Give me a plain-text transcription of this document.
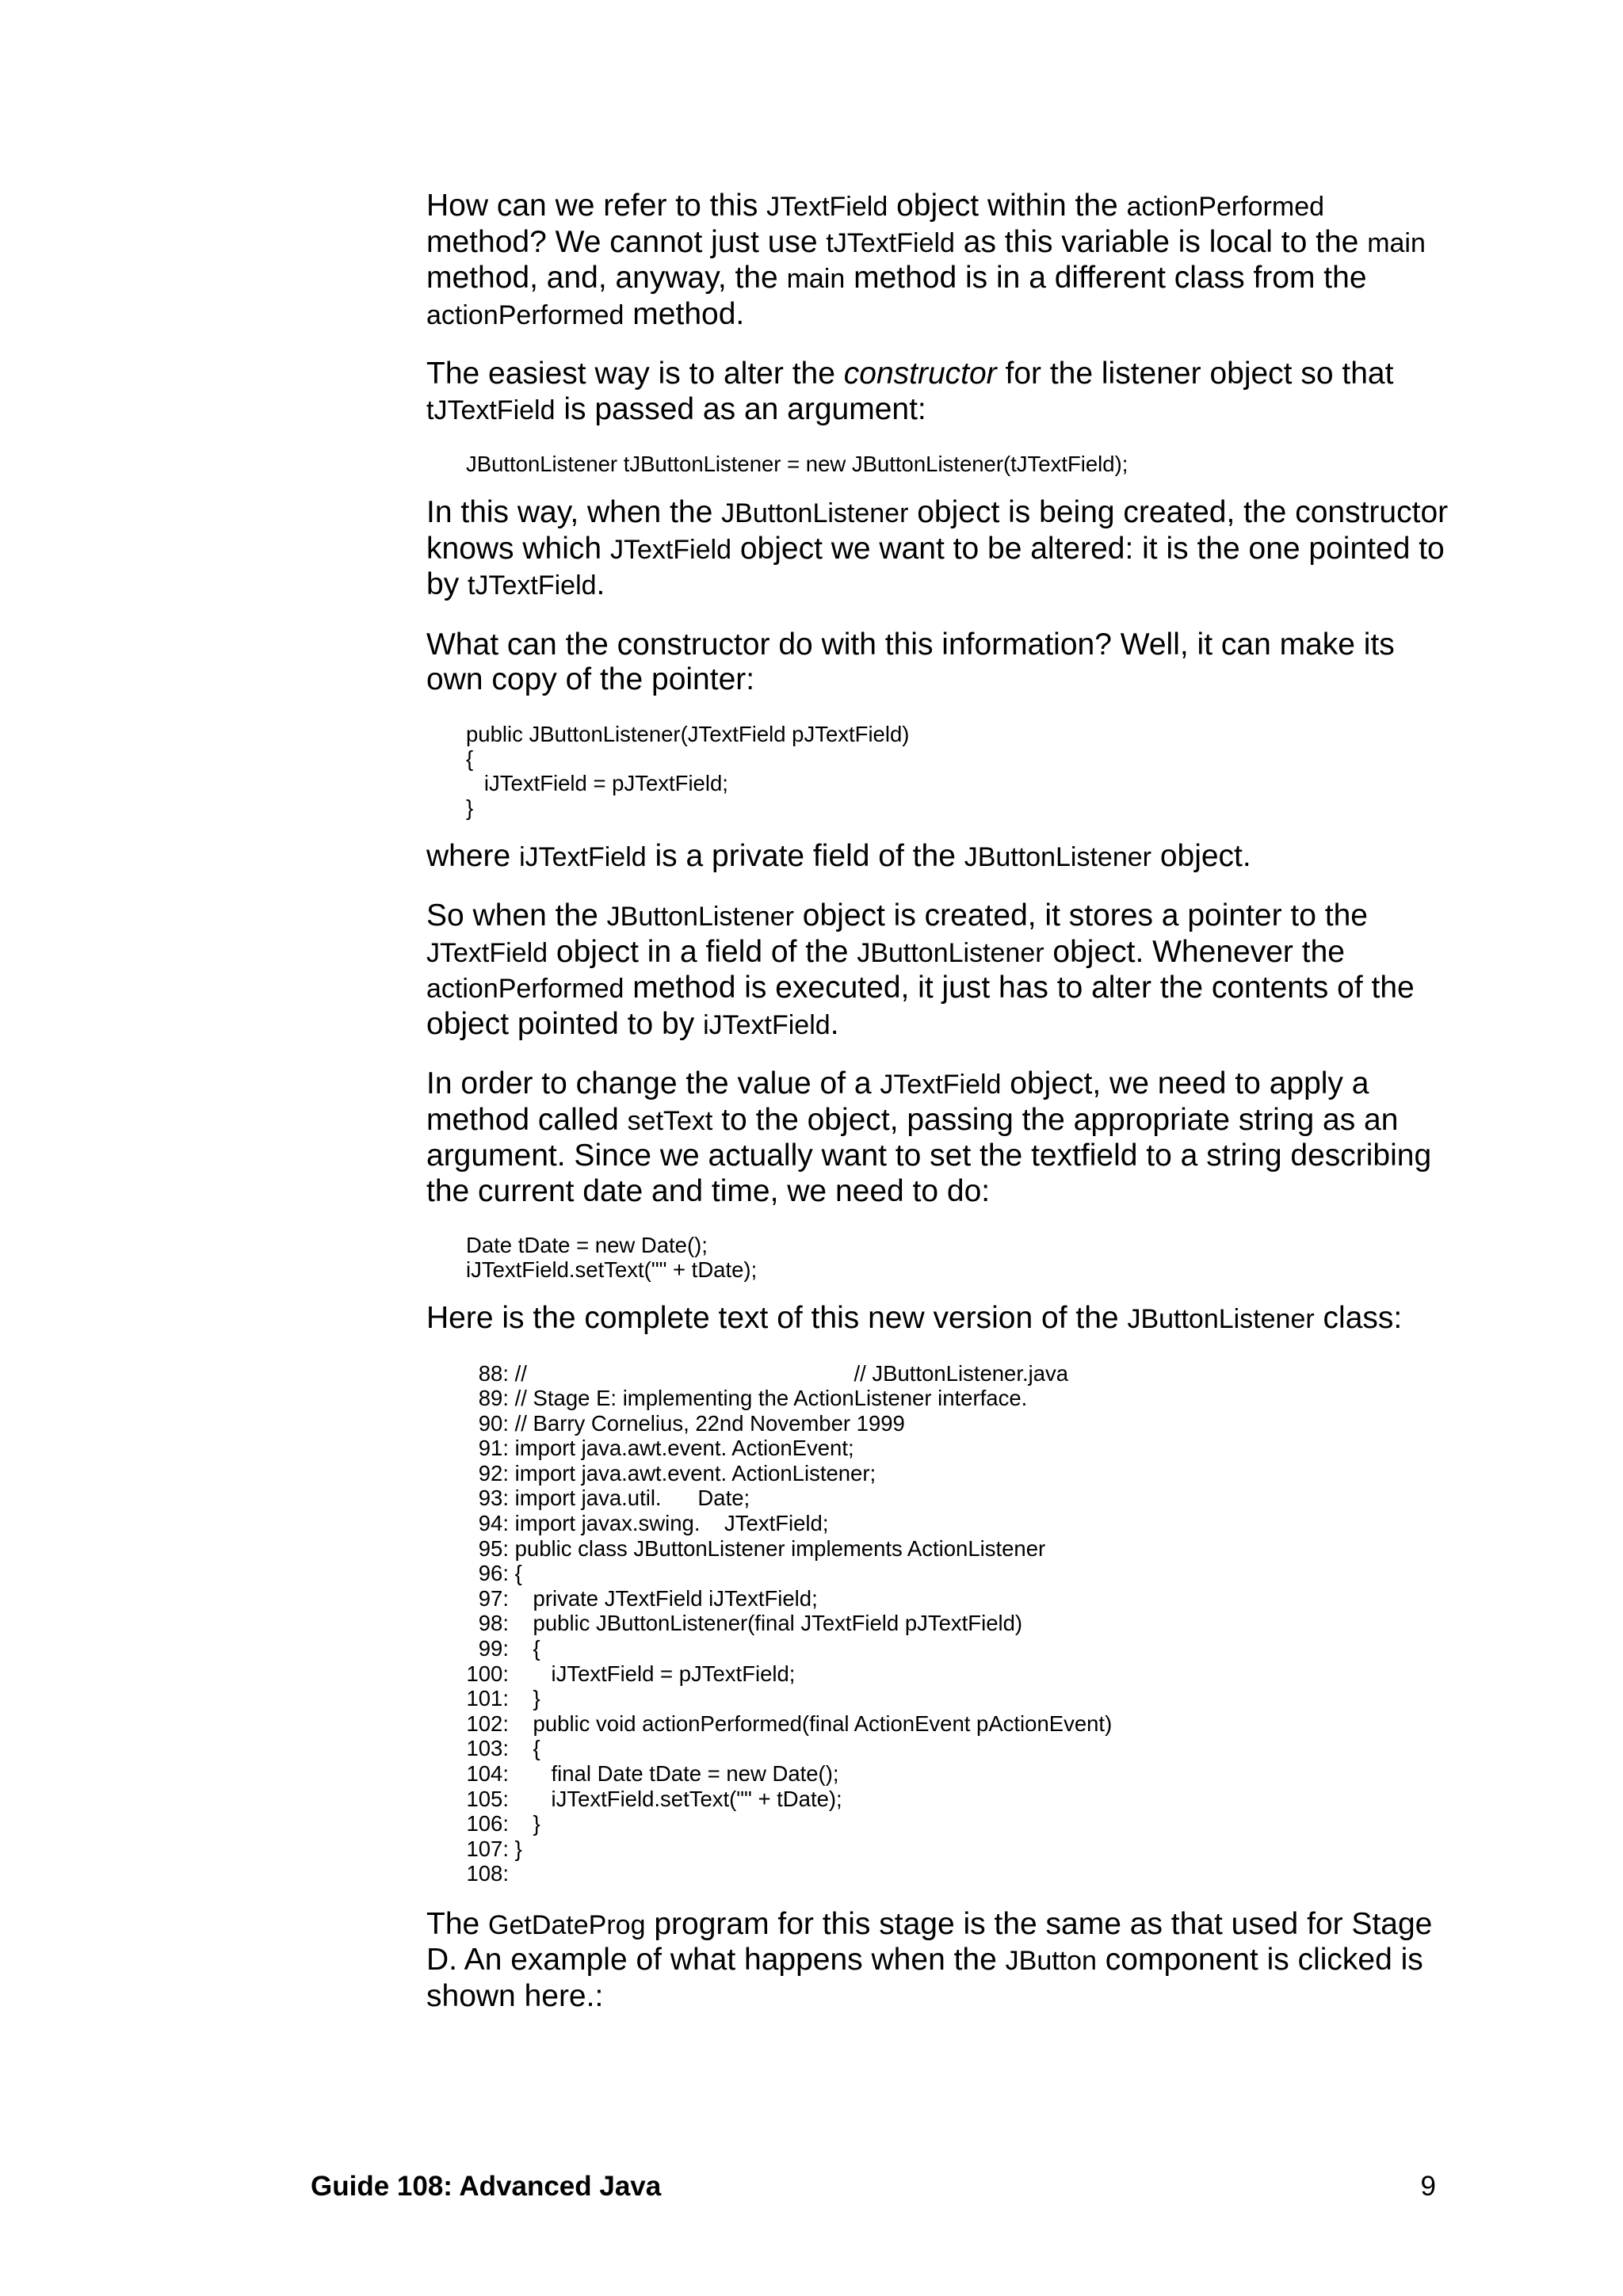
How can we refer to this JTextField object within the actionPerformed method? We cannot just use tJTextField as this variable is local to the main method, and, anyway, the main method is in a different class from the actionPerformed method.

The easiest way is to alter the constructor for the listener object so that tJTextField is passed as an argument:

JButtonListener tJButtonListener = new JButtonListener(tJTextField);

In this way, when the JButtonListener object is being created, the constructor knows which JTextField object we want to be altered: it is the one pointed to by tJTextField.

What can the constructor do with this information? Well, it can make its own copy of the pointer:

public JButtonListener(JTextField pJTextField)
{
iJTextField = pJTextField;
}

where iJTextField is a private field of the JButtonListener object.

So when the JButtonListener object is created, it stores a pointer to the JTextField object in a field of the JButtonListener object. Whenever the actionPerformed method is executed, it just has to alter the contents of the object pointed to by iJTextField.

In order to change the value of a JTextField object, we need to apply a method called setText to the object, passing the appropriate string as an argument. Since we actually want to set the textfield to a string describing the current date and time, we need to do:

Date tDate = new Date();
iJTextField.setText("" + tDate);

Here is the complete text of this new version of the JButtonListener class:

88: //                                                      // JButtonListener.java
89: // Stage E: implementing the ActionListener interface.
90: // Barry Cornelius, 22nd November 1999
91: import java.awt.event. ActionEvent;
92: import java.awt.event. ActionListener;
93: import java.util.      Date;
94: import javax.swing.    JTextField;
95: public class JButtonListener implements ActionListener
96: {
97: private JTextField iJTextField;
98: public JButtonListener(final JTextField pJTextField)
99: {
100: iJTextField = pJTextField;
101: }
102: public void actionPerformed(final ActionEvent pActionEvent)
103: {
104: final Date tDate = new Date();
105: iJTextField.setText("" + tDate);
106: }
107: }
108:

The GetDateProg program for this stage is the same as that used for Stage D. An example of what happens when the JButton component is clicked is shown here.:

Guide 108: Advanced Java	9
